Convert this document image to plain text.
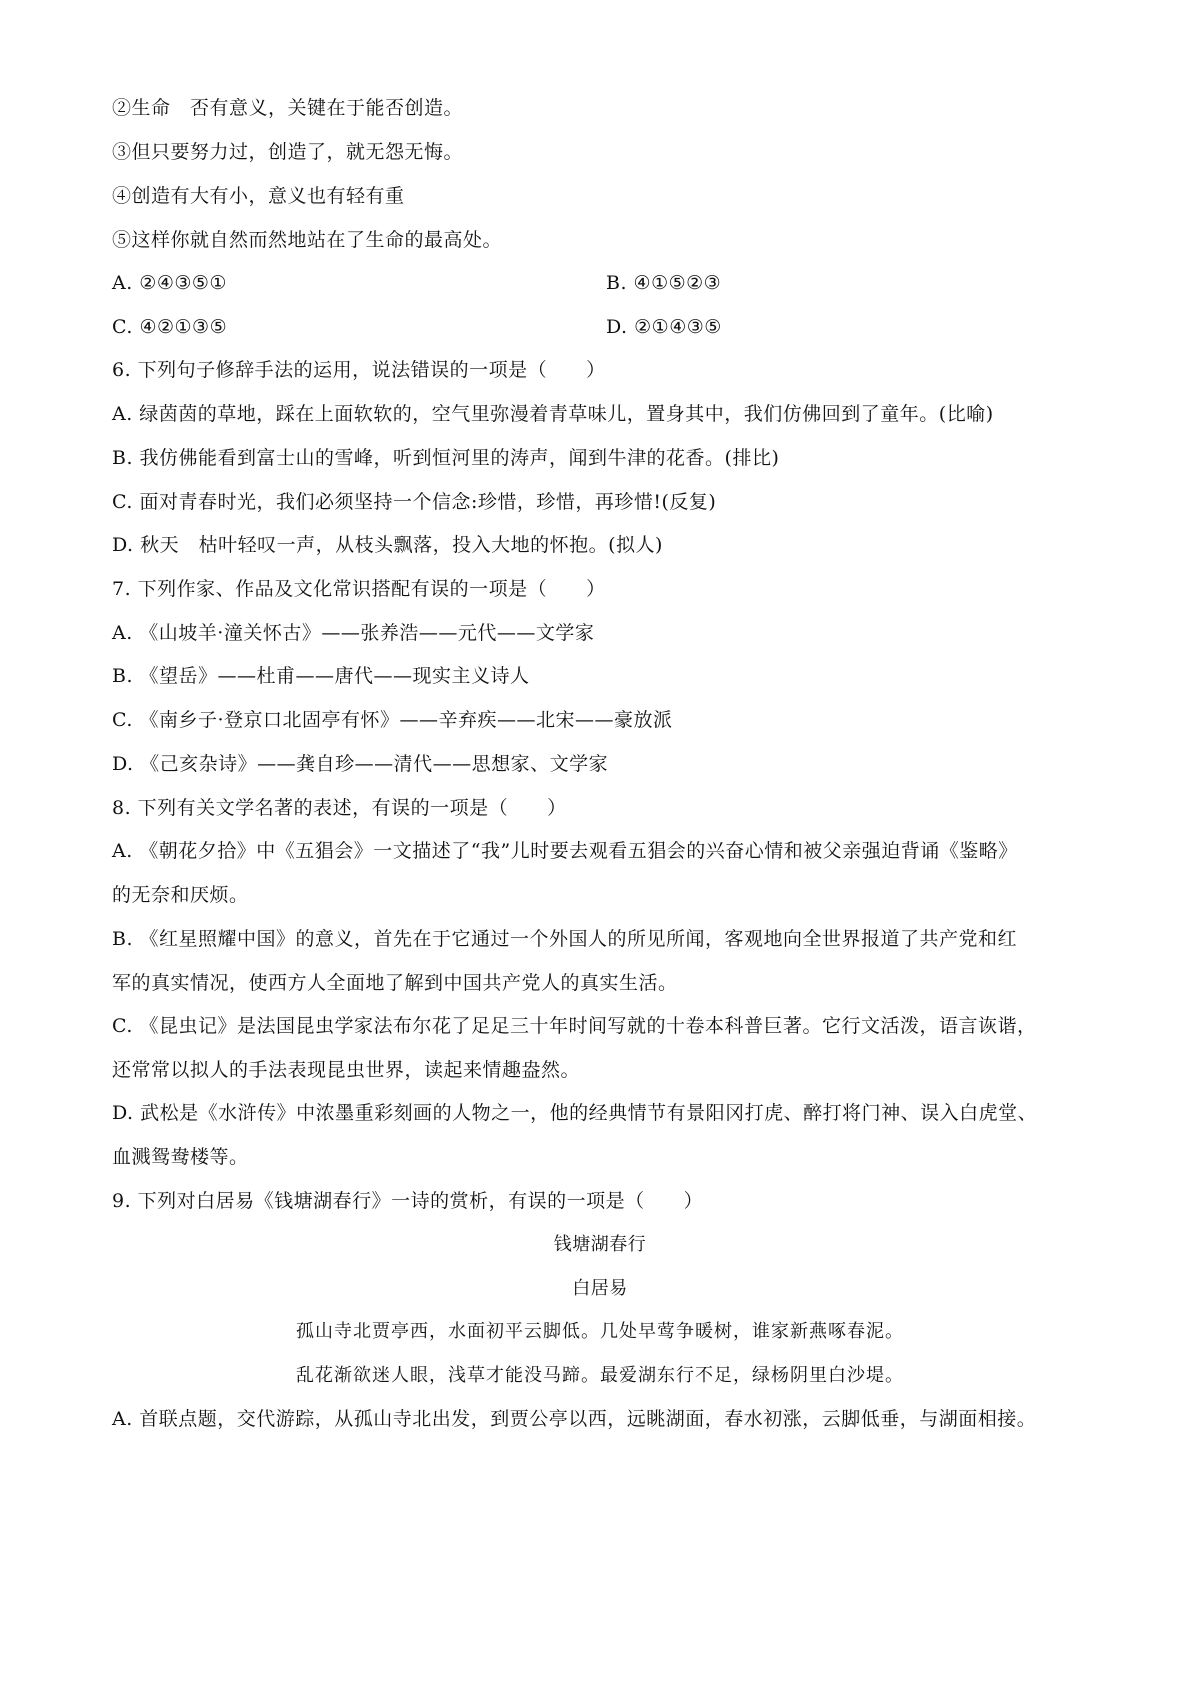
②生命　否有意义，关键在于能否创造。
③但只要努力过，创造了，就无怨无悔。
④创造有大有小，意义也有轻有重
⑤这样你就自然而然地站在了生命的最高处。
A. ②④③⑤①	B. ④①⑤②③
C. ④②①③⑤	D. ②①④③⑤
6. 下列句子修辞手法的运用，说法错误的一项是（　　）
A. 绿茵茵的草地，踩在上面软软的，空气里弥漫着青草味儿，置身其中，我们仿佛回到了童年。(比喻)
B. 我仿佛能看到富士山的雪峰，听到恒河里的涛声，闻到牛津的花香。(排比)
C. 面对青春时光，我们必须坚持一个信念:珍惜，珍惜，再珍惜!(反复)
D. 秋天　枯叶轻叹一声，从枝头飘落，投入大地的怀抱。(拟人)
7. 下列作家、作品及文化常识搭配有误的一项是（　　）
A. 《山坡羊·潼关怀古》——张养浩——元代——文学家
B. 《望岳》——杜甫——唐代——现实主义诗人
C. 《南乡子·登京口北固亭有怀》——辛弃疾——北宋——豪放派
D. 《己亥杂诗》——龚自珍——清代——思想家、文学家
8. 下列有关文学名著的表述，有误的一项是（　　）
A. 《朝花夕拾》中《五猖会》一文描述了“我”儿时要去观看五猖会的兴奋心情和被父亲强迫背诵《鉴略》
的无奈和厌烦。
B. 《红星照耀中国》的意义，首先在于它通过一个外国人的所见所闻，客观地向全世界报道了共产党和红
军的真实情况，使西方人全面地了解到中国共产党人的真实生活。
C. 《昆虫记》是法国昆虫学家法布尔花了足足三十年时间写就的十卷本科普巨著。它行文活泼，语言诙谐，
还常常以拟人的手法表现昆虫世界，读起来情趣盎然。
D. 武松是《水浒传》中浓墨重彩刻画的人物之一，他的经典情节有景阳冈打虎、醉打将门神、误入白虎堂、
血溅鸳鸯楼等。
9. 下列对白居易《钱塘湖春行》一诗的赏析，有误的一项是（　　）
钱塘湖春行
白居易
孤山寺北贾亭西，水面初平云脚低。几处早莺争暖树，谁家新燕啄春泥。
乱花渐欲迷人眼，浅草才能没马蹄。最爱湖东行不足，绿杨阴里白沙堤。
A. 首联点题，交代游踪，从孤山寺北出发，到贾公亭以西，远眺湖面，春水初涨，云脚低垂，与湖面相接。
